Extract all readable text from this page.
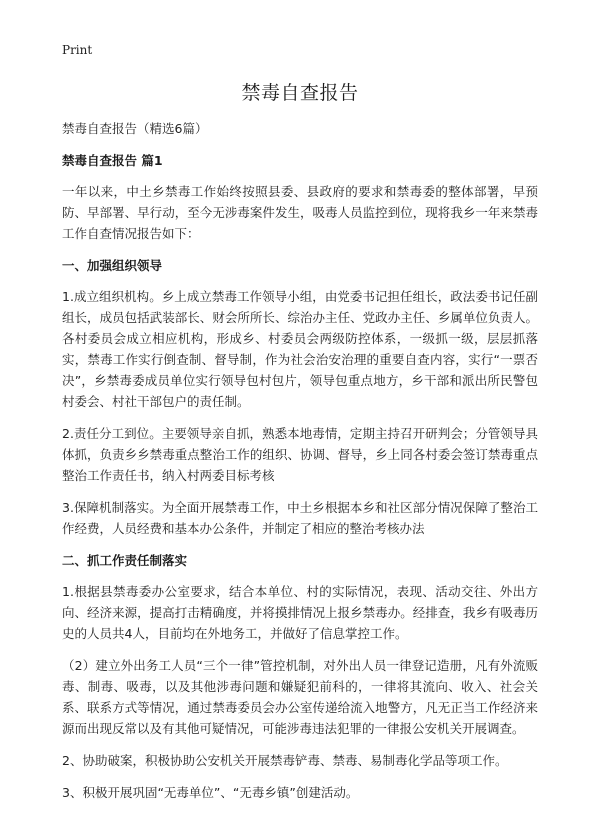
Print

禁毒自查报告

禁毒自查报告（精选6篇）

禁毒自查报告 篇1

一年以来，中土乡禁毒工作始终按照县委、县政府的要求和禁毒委的整体部署，早预防、早部署、早行动，至今无涉毒案件发生，吸毒人员监控到位，现将我乡一年来禁毒工作自查情况报告如下：

一、加强组织领导

1.成立组织机构。乡上成立禁毒工作领导小组，由党委书记担任组长，政法委书记任副组长，成员包括武装部长、财会所所长、综治办主任、党政办主任、乡属单位负责人。各村委员会成立相应机构，形成乡、村委员会两级防控体系，一级抓一级，层层抓落实，禁毒工作实行倒查制、督导制，作为社会治安治理的重要自查内容，实行“一票否决”，乡禁毒委成员单位实行领导包村包片，领导包重点地方，乡干部和派出所民警包村委会、村社干部包户的责任制。

2.责任分工到位。主要领导亲自抓，熟悉本地毒情，定期主持召开研判会；分管领导具体抓，负责乡乡禁毒重点整治工作的组织、协调、督导，乡上同各村委会签订禁毒重点整治工作责任书，纳入村两委目标考核

3.保障机制落实。为全面开展禁毒工作，中土乡根据本乡和社区部分情况保障了整治工作经费，人员经费和基本办公条件，并制定了相应的整治考核办法

二、抓工作责任制落实

1.根据县禁毒委办公室要求，结合本单位、村的实际情况，表现、活动交往、外出方向、经济来源，提高打击精确度，并将摸排情况上报乡禁毒办。经排查，我乡有吸毒历史的人员共4人，目前均在外地务工，并做好了信息掌控工作。

（2）建立外出务工人员“三个一律”管控机制，对外出人员一律登记造册，凡有外流贩毒、制毒、吸毒，以及其他涉毒问题和嫌疑犯前科的，一律将其流向、收入、社会关系、联系方式等情况，通过禁毒委员会办公室传递给流入地警方，凡无正当工作经济来源而出现反常以及有其他可疑情况，可能涉毒违法犯罪的一律报公安机关开展调查。

2、协助破案，积极协助公安机关开展禁毒铲毒、禁毒、易制毒化学品等项工作。

3、积极开展巩固“无毒单位”、“无毒乡镇”创建活动。
